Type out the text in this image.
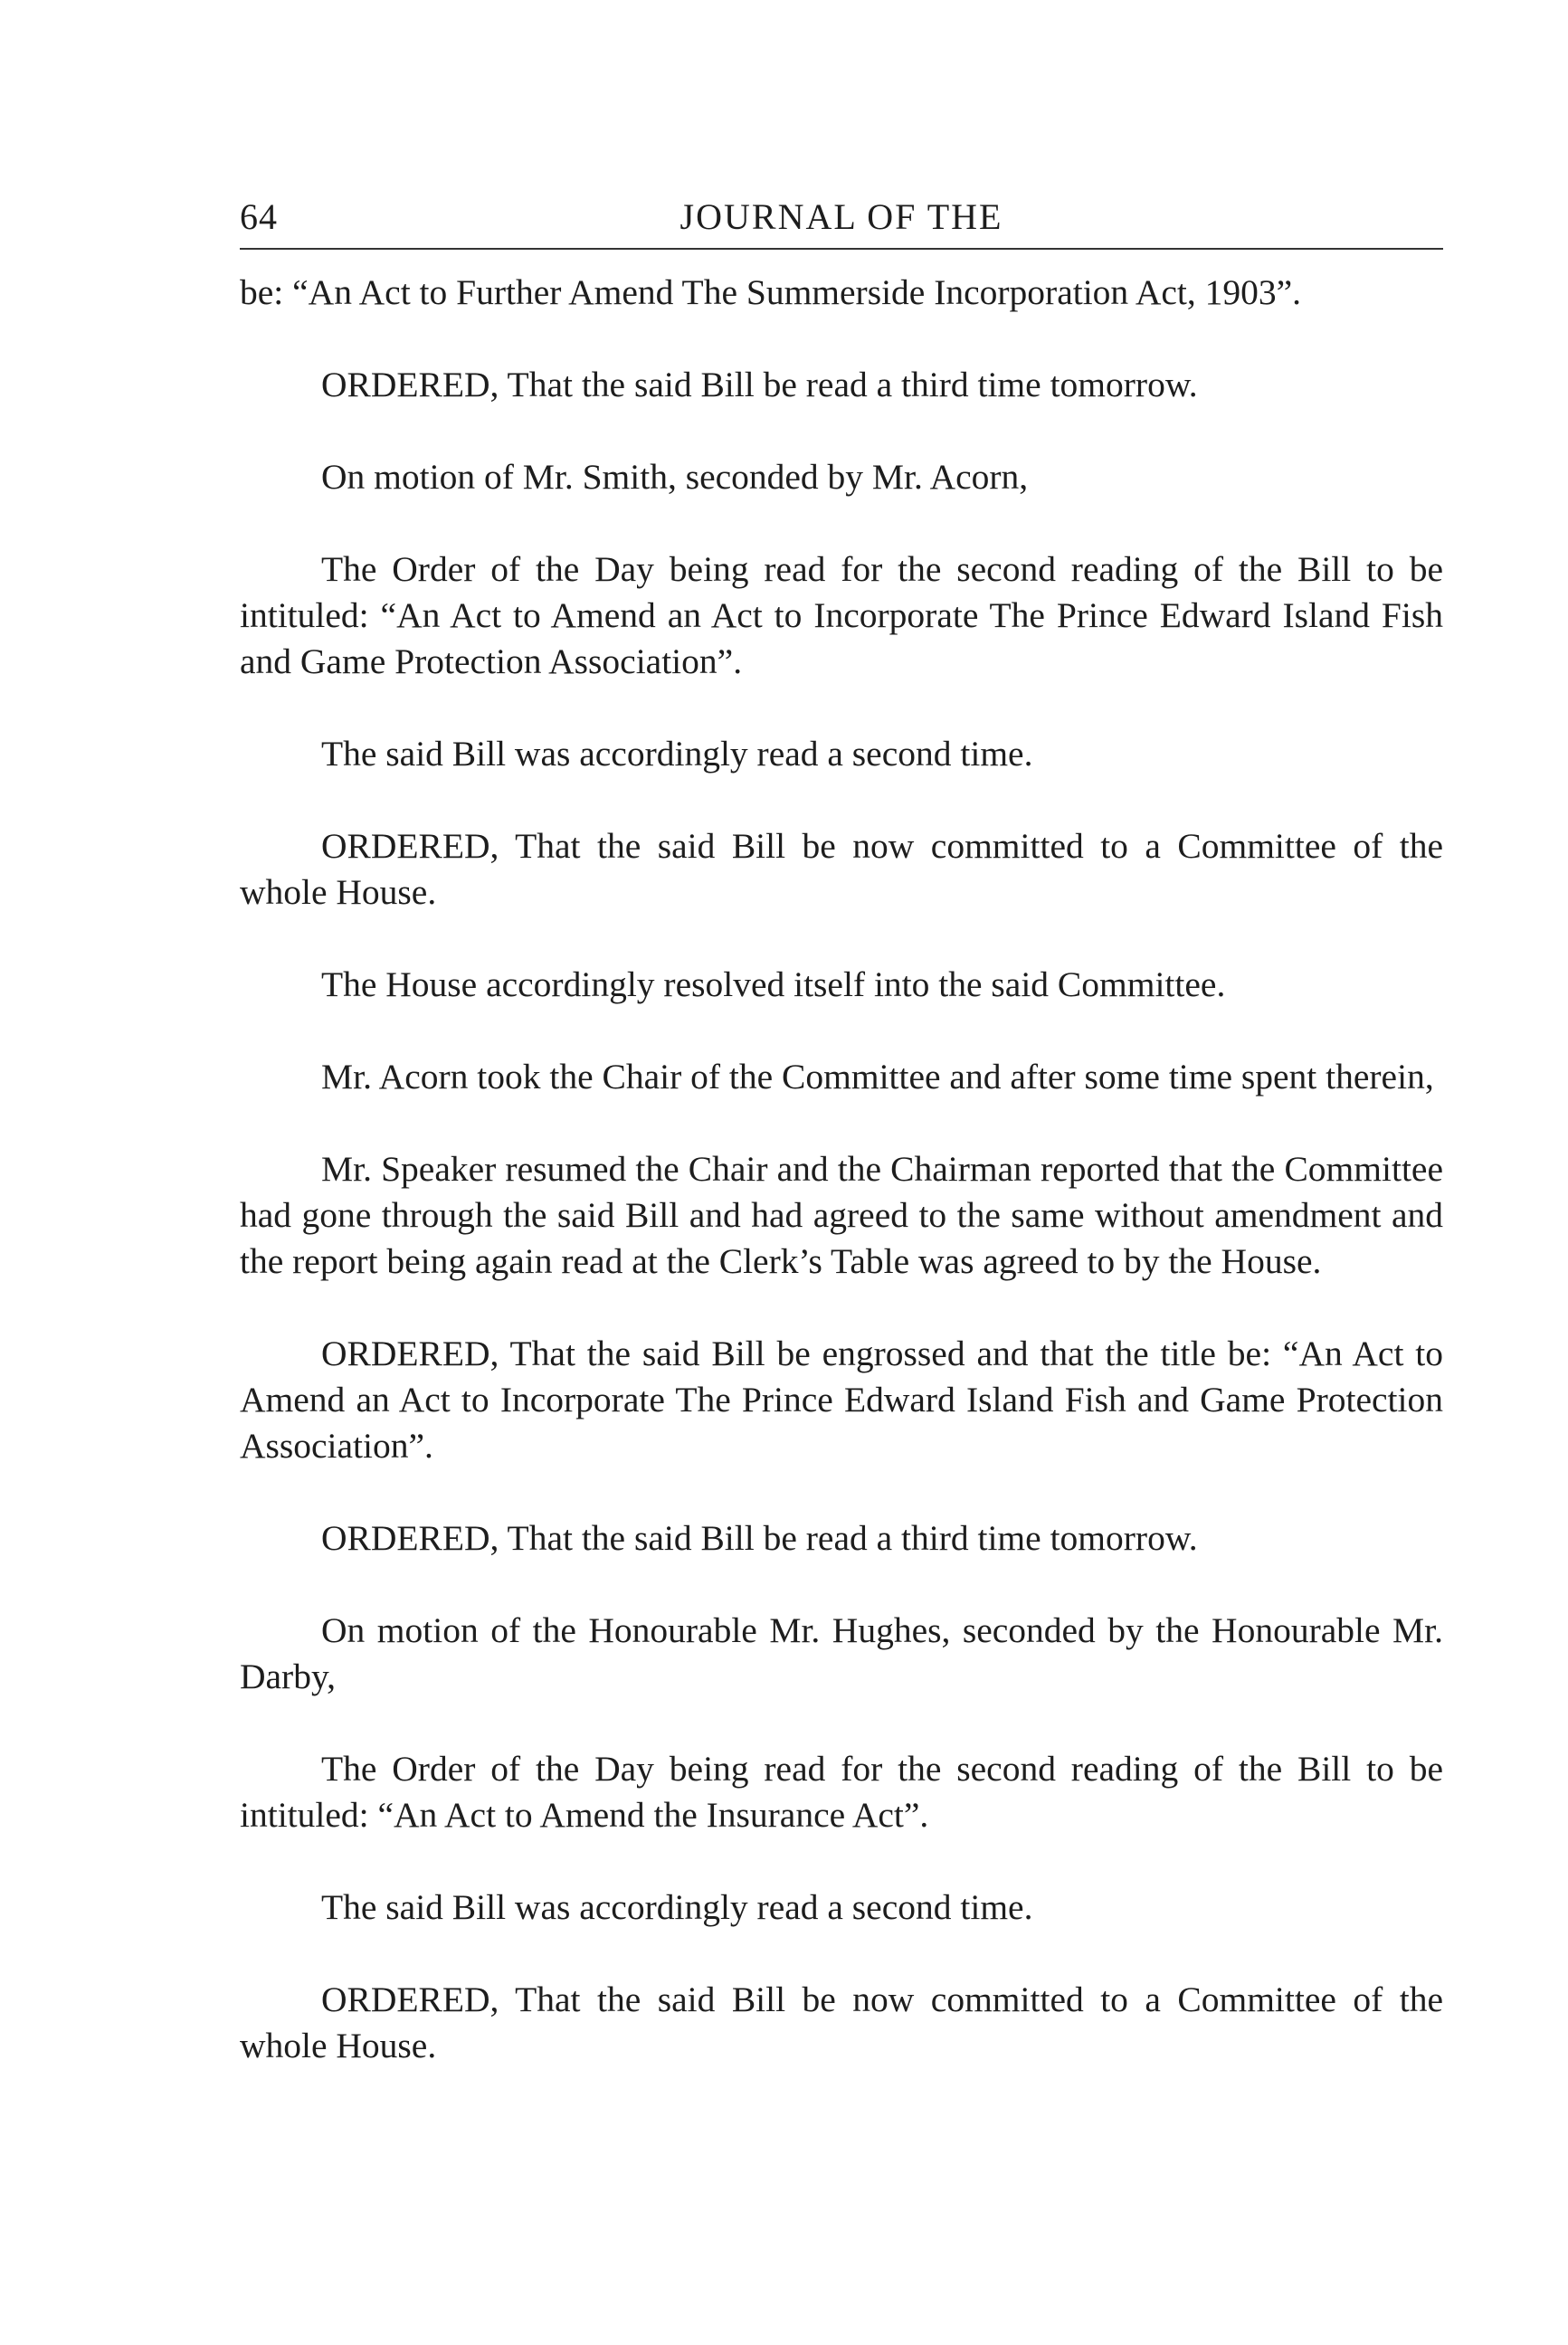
64	JOURNAL OF THE

be: “An Act to Further Amend The Summerside Incorporation Act, 1903”.

ORDERED, That the said Bill be read a third time tomorrow.

On motion of Mr. Smith, seconded by Mr. Acorn,

The Order of the Day being read for the second reading of the Bill to be intituled: “An Act to Amend an Act to Incorporate The Prince Edward Island Fish and Game Protection Association”.

The said Bill was accordingly read a second time.

ORDERED, That the said Bill be now committed to a Committee of the whole House.

The House accordingly resolved itself into the said Committee.

Mr. Acorn took the Chair of the Committee and after some time spent therein,

Mr. Speaker resumed the Chair and the Chairman reported that the Committee had gone through the said Bill and had agreed to the same without amendment and the report being again read at the Clerk’s Table was agreed to by the House.

ORDERED, That the said Bill be engrossed and that the title be: “An Act to Amend an Act to Incorporate The Prince Edward Island Fish and Game Protection Association”.

ORDERED, That the said Bill be read a third time tomorrow.

On motion of the Honourable Mr. Hughes, seconded by the Honourable Mr. Darby,

The Order of the Day being read for the second reading of the Bill to be intituled: “An Act to Amend the Insurance Act”.

The said Bill was accordingly read a second time.

ORDERED, That the said Bill be now committed to a Committee of the whole House.
